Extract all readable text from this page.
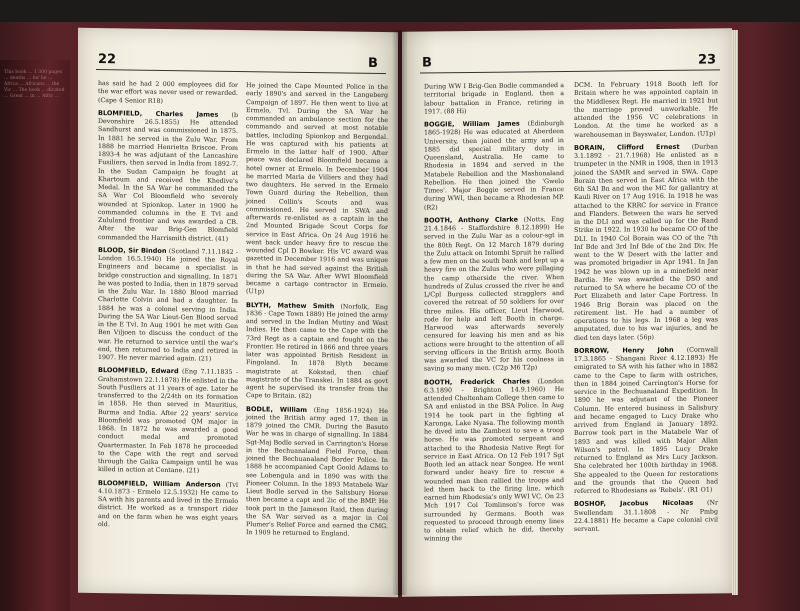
This book ... 1 300 pages ... deaths ... for he ... Africa ... Africans ... the Vic ... The book ... dicated ... Great ... in ... Afric ...
22	B

has said he had 2 000 employees did for the war effort was never used or rewarded. (Cape 4 Senior R18)

BLOMFIELD, Charles James (b Devonshire 26.5.1855) He attended Sandhurst and was commissioned in 1875. In 1881 he served in the Zulu War. From 1888 he married Henrietta Briscoe. From 1893-4 he was adjutant of the Lancashire Fusiliers, then served in India from 1892-7. In the Sudan Campaign he fought at Khartoum and received the Khedive's Medal. In the SA War he commanded the SA War Col Bloomfield who severely wounded at Spionkop. Later in 1900 he commanded columns in the E Tvl and Zululand frontier and was awarded a CB. After the war Brig-Gen Blomfield commanded the Harrismith district. (41)

BLOOD, Sir Bindon (Scotland 7.11.1842 - London 16.5.1940) He joined the Royal Engineers and became a specialist in bridge construction and signalling. In 1871 he was posted to India, then in 1879 served in the Zulu War. In 1880 Blood married Charlotte Colvin and had a daughter. In 1884 he was a colonel serving in India. During the SA War Lieut-Gen Blood served in the E Tvl. In Aug 1901 he met with Gen Ben Viljoen to discuss the conduct of the war. He returned to service until the war's end, then returned to India and retired in 1907. He never married again. (21)

BLOOMFIELD, Edward (Eng 7.11.1835 - Grahamstown 22.1.1878) He enlisted in the South Fusiliers at 11 years of age. Later he transferred to the 2/24th on its formation in 1858. He then served in Mauritius, Burma and India. After 22 years' service Bloomfield was promoted QM major in 1868. In 1872 he was awarded a good conduct medal and promoted Quartermaster. In Feb 1878 he proceeded to the Cape with the regt and served through the Gaika Campaign until he was killed in action at Centane. (21)

BLOOMFIELD, William Anderson (Tvl 4.10.1873 - Ermelo 12.5.1932) He came to SA with his parents and lived in the Ermelo district. He worked as a transport rider and on the farm when he was eight years old.

He joined the Cape Mounted Police in the early 1890's and served in the Langeberg Campaign of 1897. He then went to live at Ermelo, Tvl. During the SA War he commanded an ambulance section for the commando and served at most notable battles, including Spionkop and Bergendal. He was captured with his patients at Ermelo in the latter half of 1900. After peace was declared Bloomfield became a hotel owner at Ermelo. In December 1904 he married Maria de Villiers and they had two daughters. He served in the Ermelo Town Guard during the Rebellion, then joined Collin's Scouts and was commissioned. He served in SWA and afterwards re-enlisted as a captain in the 2nd Mounted Brigade Scout Corps for service in East Africa. On 24 Aug 1916 he went back under heavy fire to rescue the wounded Cpl D Bowker. His VC award was gazetted in December 1916 and was unique in that he had served against the British during the SA War. After WWI Bloomfield became a cartage contractor in Ermelo. (U1p)

BLYTH, Mathew Smith (Norfolk, Eng 1836 - Cape Town 1889) He joined the army and served in the Indian Mutiny and West Indies. He then came to the Cape with the 73rd Regt as a captain and fought on the Frontier. He retired in 1866 and three years later was appointed British Resident in Fingoland. In 1878 Blyth became magistrate at Kokstad, then chief magistrate of the Transkei. In 1884 as govt agent he supervised its transfer from the Cape to Britain. (82)

BODLE, William (Eng 1856-1924) He joined the British army aged 17, then in 1879 joined the CMR. During the Basuto War he was in charge of signalling. In 1884 Sgt-Maj Bodle served in Carrington's Horse in the Bechuanaland Field Force, then joined the Bechuanaland Border Police. In 1888 he accompanied Capt Goold Adams to see Lobengula and in 1890 was with the Pioneer Column. In the 1893 Matabele War Lieut Bodle served in the Salisbury Horse then became a capt and 2ic of the BMP. He took part in the Jameson Raid, then during the SA War served as a major in Col Plumer's Relief Force and earned the CMG. In 1909 he returned to England.

B	23

During WW I Brig-Gen Bodle commanded a territorial brigade in England, then a labour battalion in France, retiring in 1917. (88 Hi)

BOGGIE, William James (Edinburgh 1865-1928) He was educated at Aberdeen University, then joined the army and in 1885 did special military duty in Queensland, Australia. He came to Rhodesia in 1894 and served in the Matabele Rebellion and the Mashonaland Rebellion. He then joined the 'Gwelo Times'. Major Boggie served in France during WWI, then became a Rhodesian MP. (R2)

BOOTH, Anthony Clarke (Notts, Eng 21.4.1846 - Staffordshire 8.12.1899) He served in the Zulu War as a colour-sgt in the 80th Regt. On 12 March 1879 during the Zulu attack on Intombi Spruit he rallied a few men on the south bank and kept up a heavy fire on the Zulus who were pillaging the camp otherside the river. When hundreds of Zulus crossed the river he and L/Cpl Burgess collected stragglers and covered the retreat of 50 soldiers for over three miles. His officer, Lieut Harwood, rode for help and left Booth in charge. Harwood was afterwards severely censured for leaving his men and as his actions were brought to the attention of all serving officers in the British army, Booth was awarded the VC for his coolness in saving so many men. (C2p M6 T2p)

BOOTH, Frederick Charles (London 6.3.1890 - Brighton 14.9.1960) He attended Cheltenham College then came to SA and enlisted in the BSA Police. In Aug 1914 he took part in the fighting at Karonga, Lake Nyasa. The following month he dived into the Zambezi to save a troop horse. He was promoted sergeant and attached to the Rhodesia Native Regt for service in East Africa. On 12 Feb 1917 Sgt Booth led an attack near Songea. He went forward under heavy fire to rescue a wounded man then rallied the troops and led them back to the firing line, which earned him Rhodesia's only WWI VC. On 23 Mch 1917 Col Tomlinson's force was surrounded by Germans. Booth was requested to proceed through enemy lines to obtain relief which he did, thereby winning the

DCM. In February 1918 Booth left for Britain where he was appointed captain in the Middlesex Regt. He married in 1921 but the marriage proved unworkable. He attended the 1956 VC celebrations in London. At the time he worked as a warehouseman in Bayswater, London. (U1p)

BORAIN, Clifford Ernest (Durban 3.1.1892 - 21.7.1968) He enlisted as a trumpeter in the NMR in 1908, then in 1913 joined the SAMR and served in SWA. Cape Borain then served in East Africa with the 6th SAI Bn and won the MC for gallantry at Kauli River on 17 Aug 1916. In 1918 he was attached to the KRRC for service in France and Flanders. Between the wars he served in the DLI and was called up for the Rand Strike in 1922. In 1930 he became CO of the DLI. In 1940 Col Borain was CO of the 7th Inf Bde and 3rd Inf Bde of the 2nd Div. He went to the W Desert with the latter and was promoted brigadier in Apr 1941. In Jan 1942 he was blown up in a minefield near Bardia. He was awarded the DSO and returned to SA where he became CO of the Port Elizabeth and later Cape Fortress. In 1946 Brig Borain was placed on the retirement list. He had a number of operations to his legs. In 1968 a leg was amputated, due to his war injuries, and he died ten days later. (56p)

BORROW, Henry John (Cornwall 17.3.1865 - Shangani River 4.12.1893) He emigrated to SA with his father who in 1882 came to the Cape to farm with ostriches, then in 1884 joined Carrington's Horse for service in the Bechuanaland Expedition. In 1890 he was adjutant of the Pioneer Column. He entered business in Salisbury and became engaged to Lucy Drake who arrived from England in January 1892. Borrow took part in the Matabele War of 1893 and was killed with Major Allan Wilson's patrol. In 1895 Lucy Drake returned to England as Mrs Lucy Jackson. She celebrated her 100th birthday in 1968. She appealed to the Queen for restorations and the grounds that the Queen had referred to Rhodesians as 'Rebels'. (R1 O1)

BOSHOF, Jacobus Nicolaas (Nr Swellendam 31.1.1808 - Nr Pmbg 22.4.1881) He became a Cape colonial civil servant.
